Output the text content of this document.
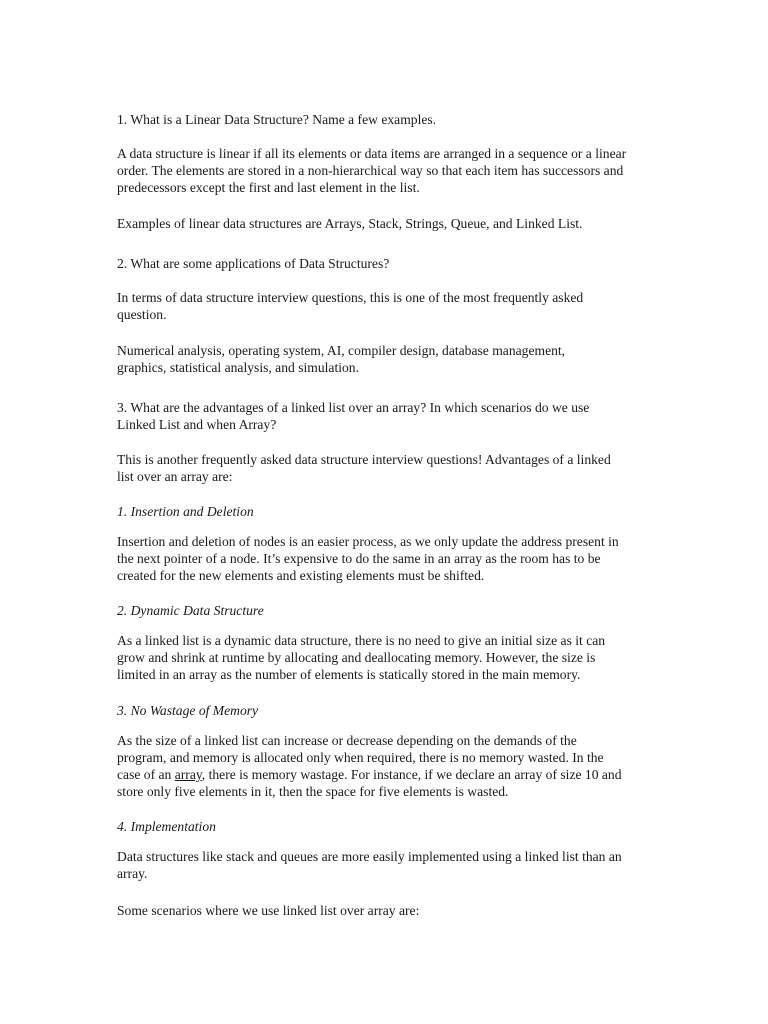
1. What is a Linear Data Structure? Name a few examples.

A data structure is linear if all its elements or data items are arranged in a sequence or a linear

order. The elements are stored in a non-hierarchical way so that each item has successors and

predecessors except the first and last element in the list.

Examples of linear data structures are Arrays, Stack, Strings, Queue, and Linked List.

2. What are some applications of Data Structures?

In terms of data structure interview questions, this is one of the most frequently asked

question.

Numerical analysis, operating system, AI, compiler design, database management,

graphics, statistical analysis, and simulation.

3. What are the advantages of a linked list over an array? In which scenarios do we use

Linked List and when Array?

This is another frequently asked data structure interview questions! Advantages of a linked

list over an array are:

1. Insertion and Deletion

Insertion and deletion of nodes is an easier process, as we only update the address present in

the next pointer of a node. It’s expensive to do the same in an array as the room has to be

created for the new elements and existing elements must be shifted.

2. Dynamic Data Structure

As a linked list is a dynamic data structure, there is no need to give an initial size as it can

grow and shrink at runtime by allocating and deallocating memory. However, the size is

limited in an array as the number of elements is statically stored in the main memory.

3. No Wastage of Memory

As the size of a linked list can increase or decrease depending on the demands of the

program, and memory is allocated only when required, there is no memory wasted. In the

case of an array, there is memory wastage. For instance, if we declare an array of size 10 and

store only five elements in it, then the space for five elements is wasted.

4. Implementation

Data structures like stack and queues are more easily implemented using a linked list than an

array.

Some scenarios where we use linked list over array are:
